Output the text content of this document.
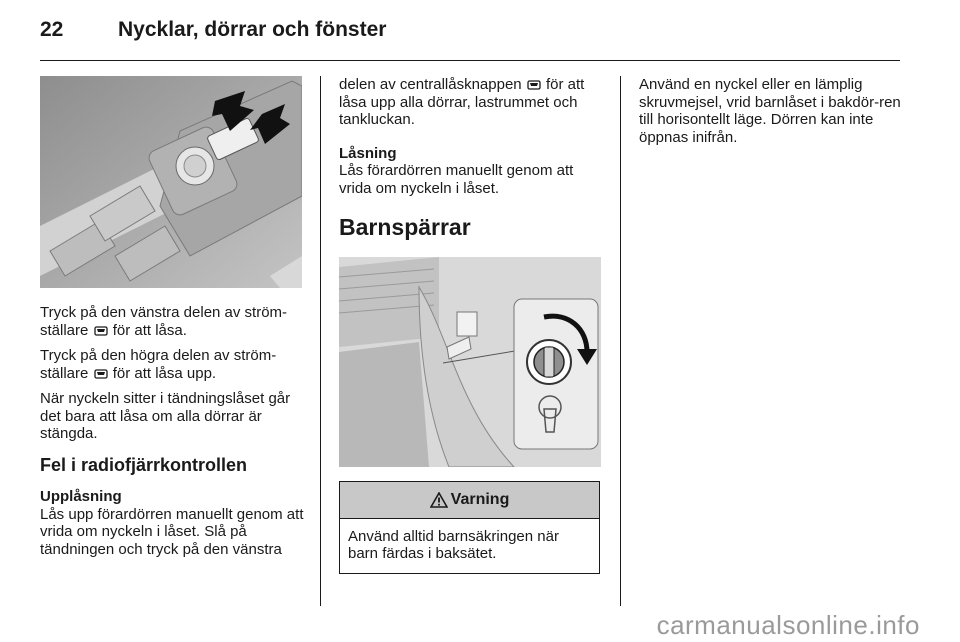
22	Nycklar, dörrar och fönster

Tryck på den vänstra delen av ström-ställare för att låsa.

Tryck på den högra delen av ström-ställare för att låsa upp.

När nyckeln sitter i tändningslåset går det bara att låsa om alla dörrar är stängda.

Fel i radiofjärrkontrollen
Upplåsning

Lås upp förardörren manuellt genom att vrida om nyckeln i låset. Slå på tändningen och tryck på den vänstra

delen av centrallåsknappen för att låsa upp alla dörrar, lastrummet och tankluckan.

Låsning

Lås förardörren manuellt genom att vrida om nyckeln i låset.

Barnspärrar
Varning
Använd alltid barnsäkringen när barn färdas i baksätet.

Använd en nyckel eller en lämplig skruvmejsel, vrid barnlåset i bakdör-ren till horisontellt läge. Dörren kan inte öppnas inifrån.

carmanualsonline.info
